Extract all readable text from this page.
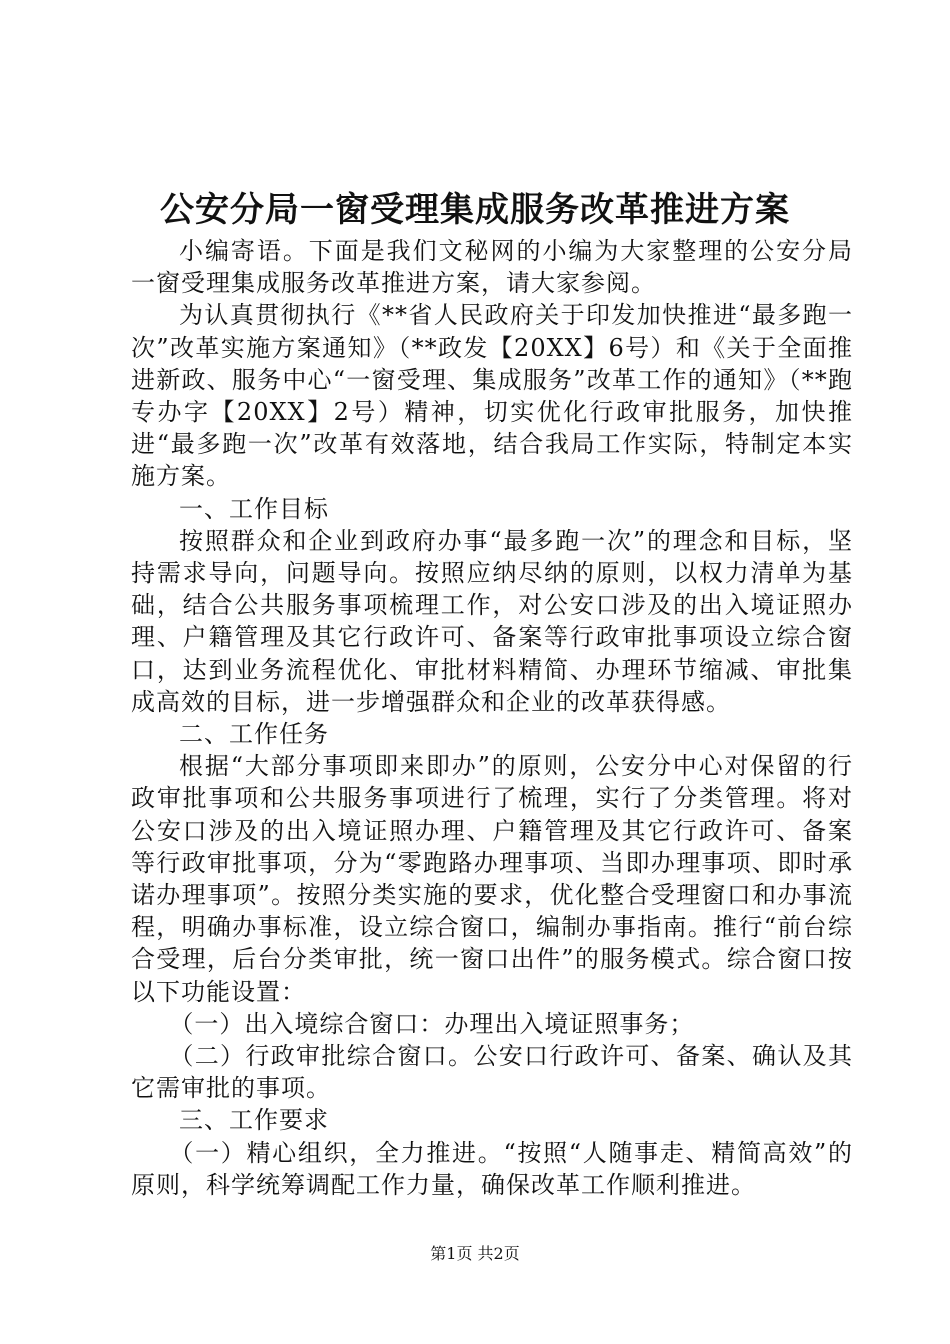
公安分局一窗受理集成服务改革推进方案

小编寄语。下面是我们文秘网的小编为大家整理的公安分局一窗受理集成服务改革推进方案，请大家参阅。

为认真贯彻执行《**省人民政府关于印发加快推进“最多跑一次”改革实施方案通知》（**政发【20XX】6号）和《关于全面推进新政、服务中心“一窗受理、集成服务”改革工作的通知》（**跑专办字【20XX】2号）精神，切实优化行政审批服务，加快推进“最多跑一次”改革有效落地，结合我局工作实际，特制定本实施方案。

一、工作目标

按照群众和企业到政府办事“最多跑一次”的理念和目标，坚持需求导向，问题导向。按照应纳尽纳的原则，以权力清单为基础，结合公共服务事项梳理工作，对公安口涉及的出入境证照办理、户籍管理及其它行政许可、备案等行政审批事项设立综合窗口，达到业务流程优化、审批材料精简、办理环节缩减、审批集成高效的目标，进一步增强群众和企业的改革获得感。

二、工作任务

根据“大部分事项即来即办”的原则，公安分中心对保留的行政审批事项和公共服务事项进行了梳理，实行了分类管理。将对公安口涉及的出入境证照办理、户籍管理及其它行政许可、备案等行政审批事项，分为“零跑路办理事项、当即办理事项、即时承诺办理事项”。按照分类实施的要求，优化整合受理窗口和办事流程，明确办事标准，设立综合窗口，编制办事指南。推行“前台综合受理，后台分类审批，统一窗口出件”的服务模式。综合窗口按以下功能设置：

（一）出入境综合窗口：办理出入境证照事务；

（二）行政审批综合窗口。公安口行政许可、备案、确认及其它需审批的事项。

三、工作要求

（一）精心组织，全力推进。“按照“人随事走、精简高效”的原则，科学统筹调配工作力量，确保改革工作顺利推进。

第1页 共2页
